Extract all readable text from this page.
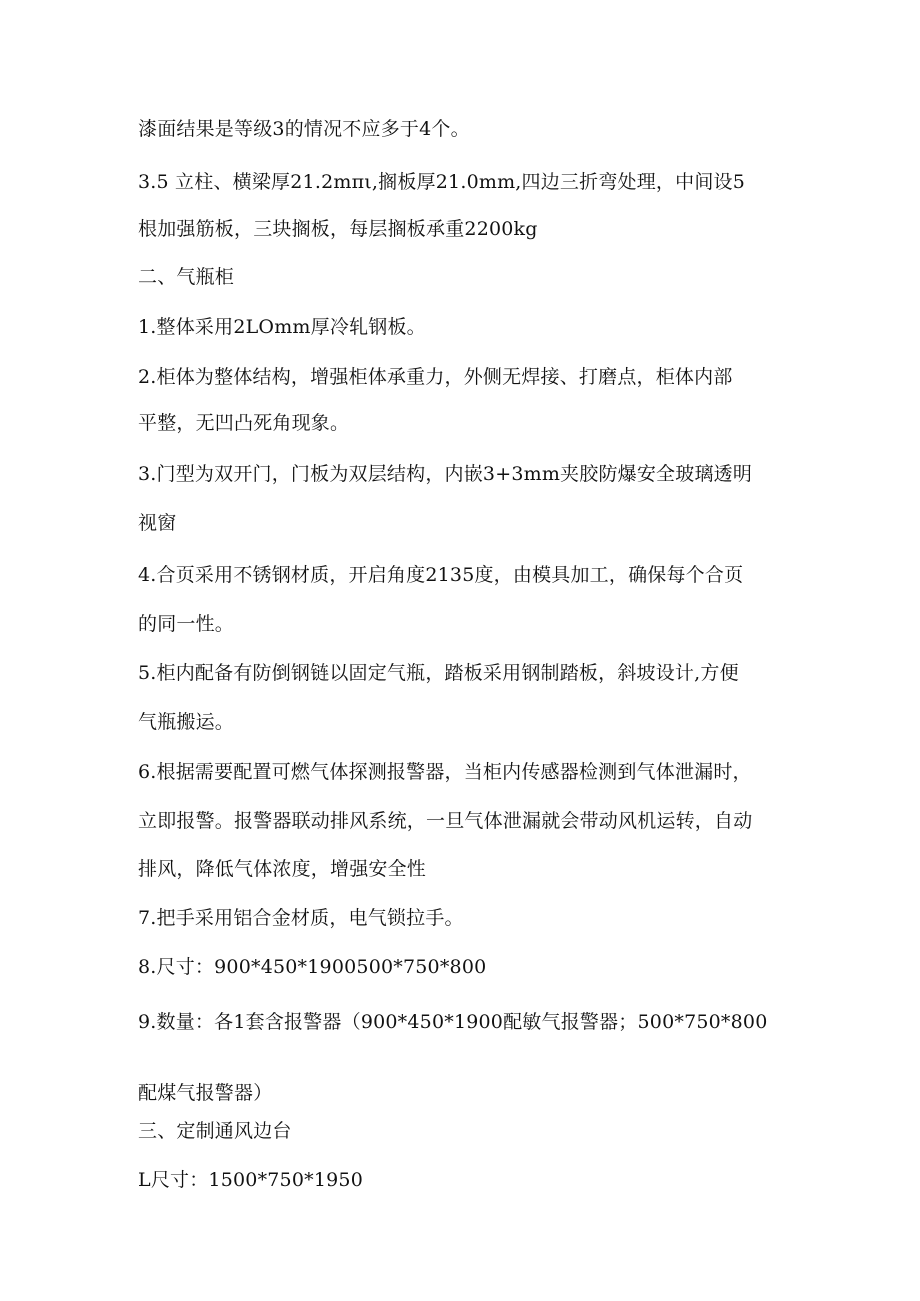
漆面结果是等级3的情况不应多于4个。
3.5 立柱、横梁厚21.2mπι,搁板厚21.0mm,四边三折弯处理，中间设5
根加强筋板，三块搁板，每层搁板承重2200kg
二、气瓶柜
1.整体采用2LOmm厚冷轧钢板。
2.柜体为整体结构，增强柜体承重力，外侧无焊接、打磨点，柜体内部
平整，无凹凸死角现象。
3.门型为双开门，门板为双层结构，内嵌3+3mm夹胶防爆安全玻璃透明
视窗
4.合页采用不锈钢材质，开启角度2135度，由模具加工，确保每个合页
的同一性。
5.柜内配备有防倒钢链以固定气瓶，踏板采用钢制踏板，斜坡设计,方便
气瓶搬运。
6.根据需要配置可燃气体探测报警器，当柜内传感器检测到气体泄漏时，
立即报警。报警器联动排风系统，一旦气体泄漏就会带动风机运转，自动
排风，降低气体浓度，增强安全性
7.把手采用铝合金材质，电气锁拉手。
8.尺寸：900*450*1900500*750*800
9.数量：各1套含报警器（900*450*1900配敏气报警器；500*750*800
配煤气报警器）
三、定制通风边台
L尺寸：1500*750*1950
